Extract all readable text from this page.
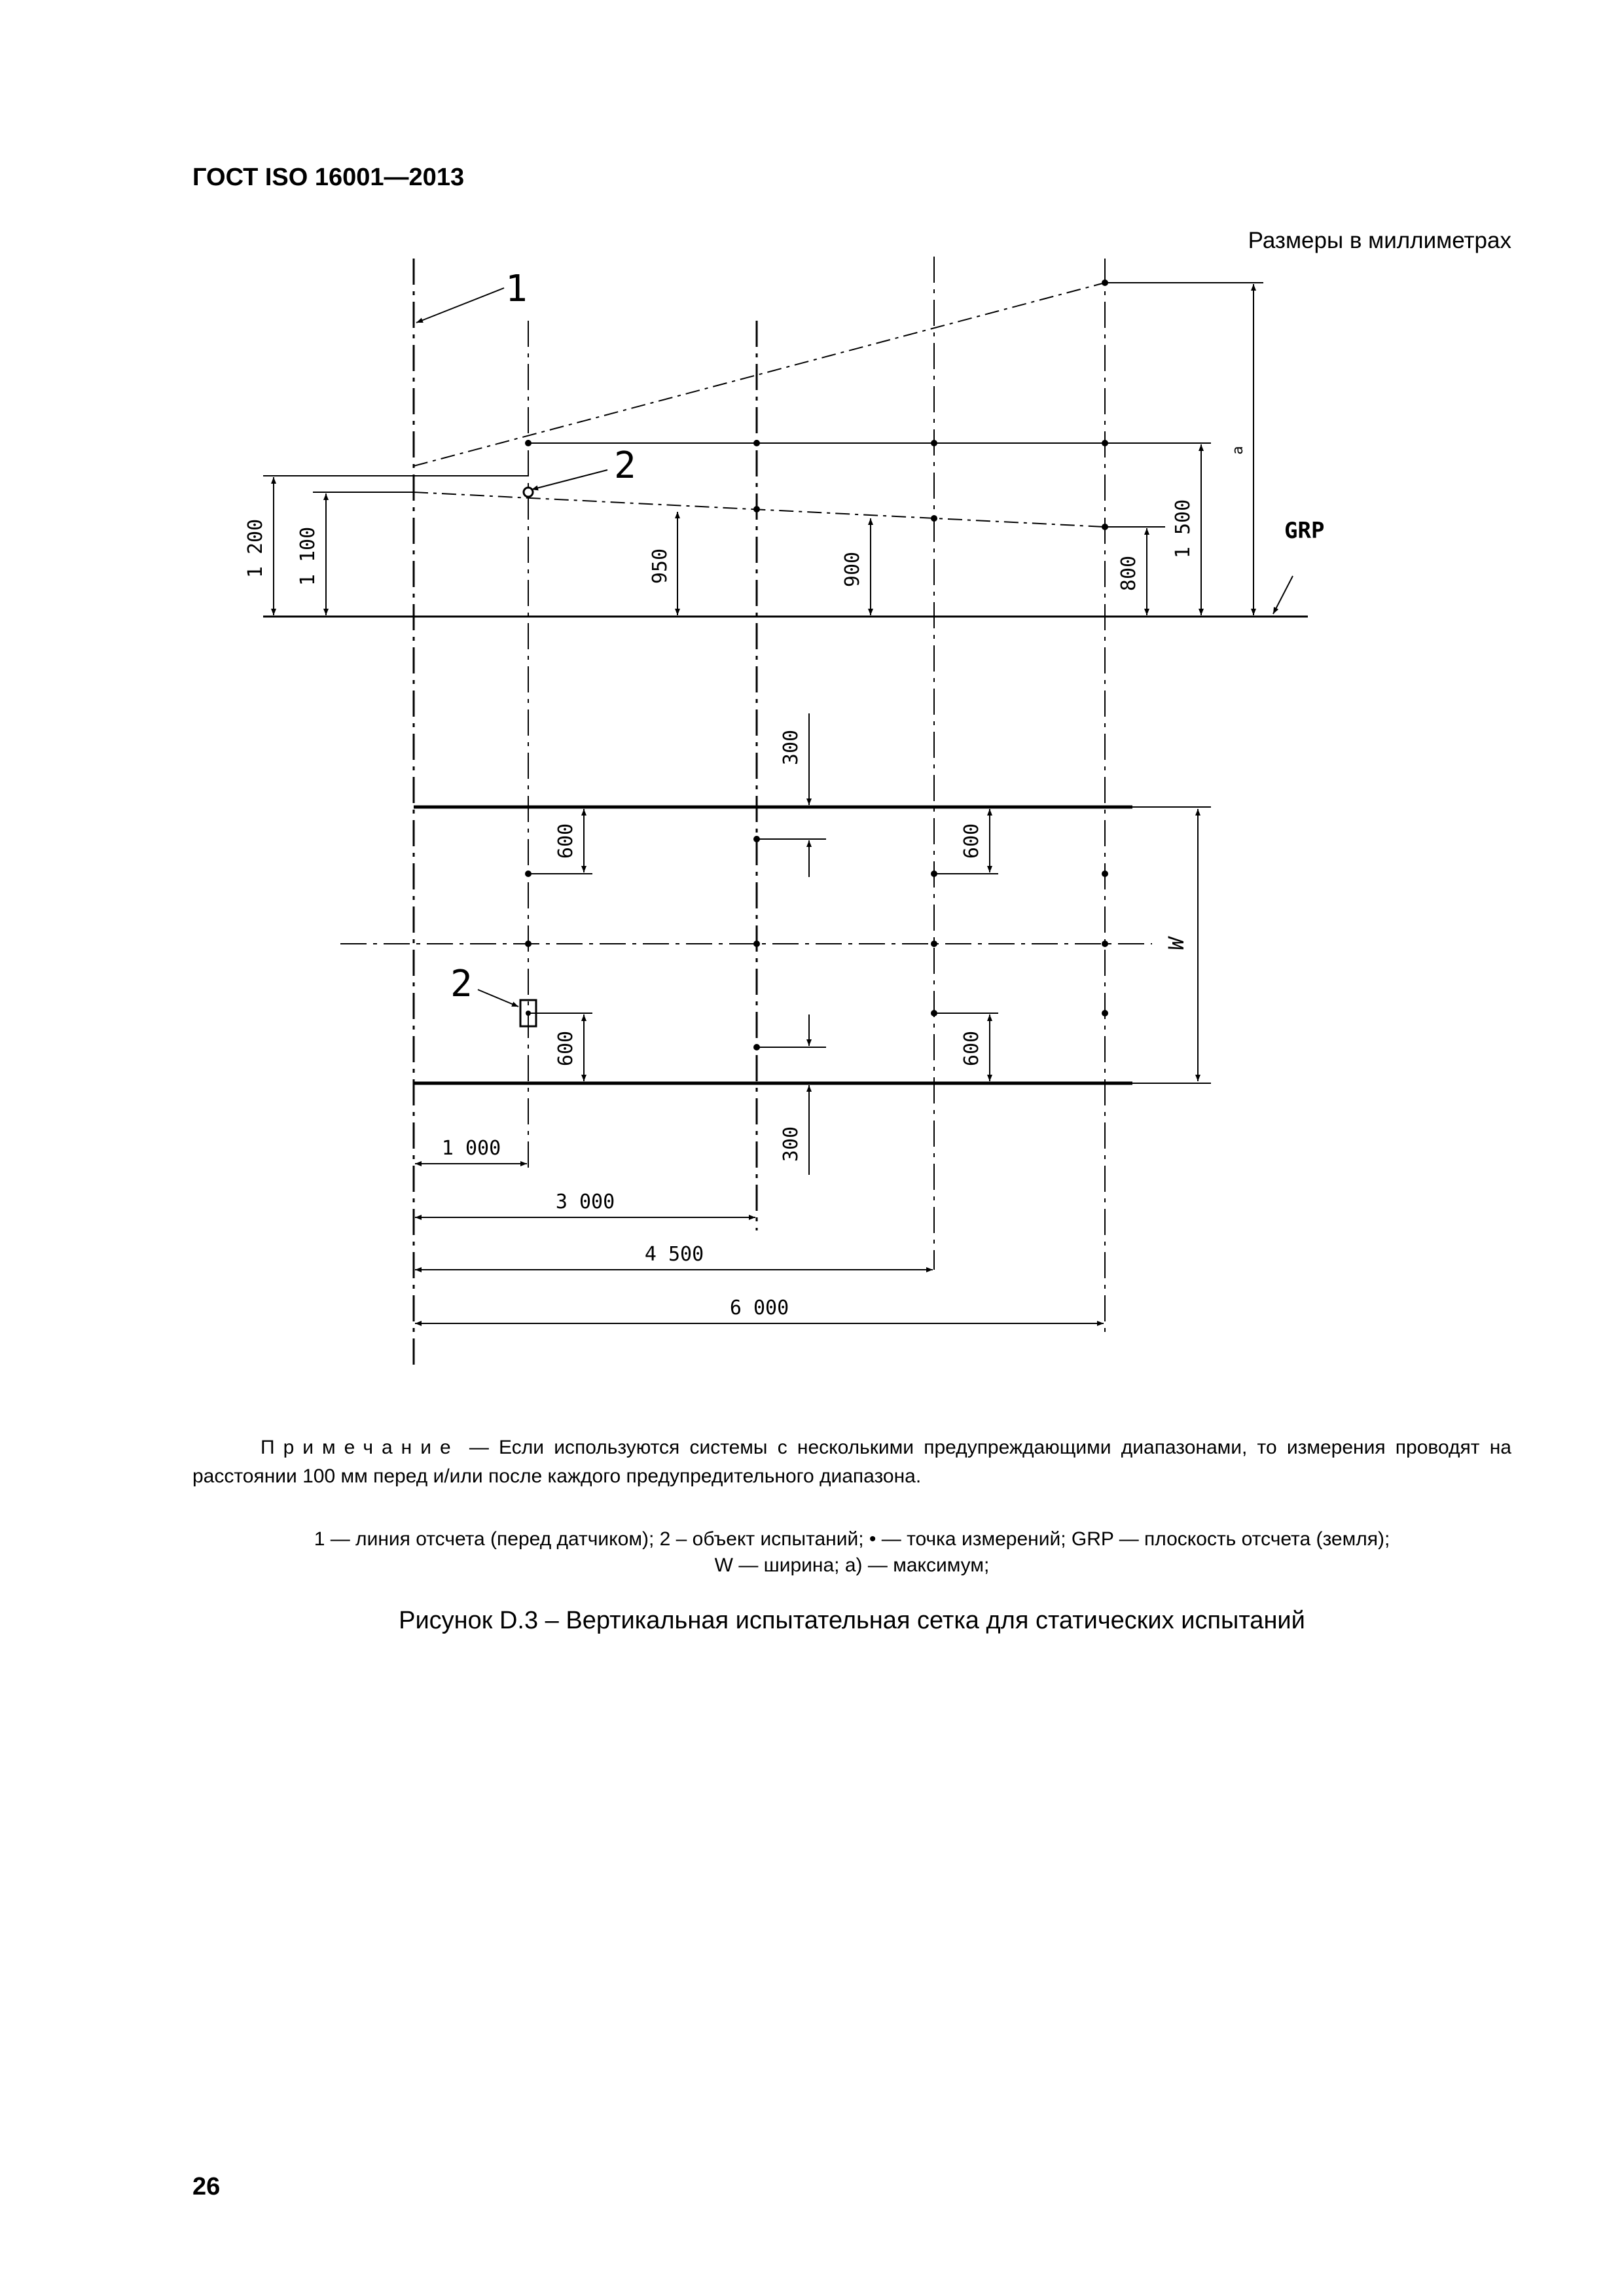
ГОСТ ISO 16001—2013
Размеры в миллиметрах
1
2
2
GRP
1 200 1 100	950	900	800
1 500
а
W
300
300
600	600
600	600
1 000
3 000
4 500
6 000
Примечание — Если используются системы с несколькими предупреждающими диапазонами, то измерения проводят на расстоянии 100 мм перед и/или после каждого предупредительного диапазона.
1 — линия отсчета (перед датчиком); 2 – объект испытаний; • — точка измерений; GRP — плоскость отсчета (земля);
W — ширина; а) — максимум;
Рисунок D.3 – Вертикальная испытательная сетка для статических испытаний
26
